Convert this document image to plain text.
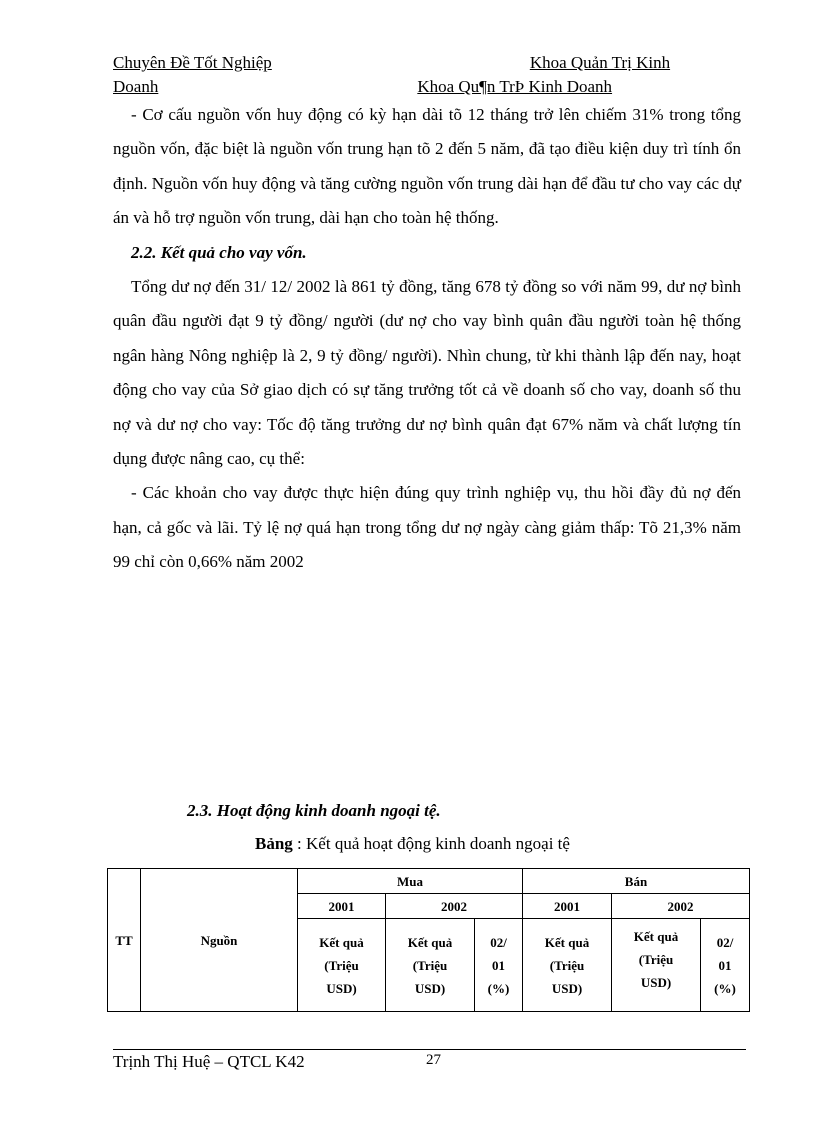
Chuyên Đề Tốt Nghiệp	Khoa Quản Trị Kinh
Doanh	Khoa Qu¶n TrÞ Kinh Doanh

- Cơ cấu nguồn vốn huy động có kỳ hạn dài tõ 12 tháng trở lên chiếm 31% trong tổng nguồn vốn, đặc biệt là nguồn vốn trung hạn tõ 2 đến 5 năm, đã tạo điều kiện duy trì tính ổn định. Nguồn vốn huy động và tăng cường nguồn vốn trung dài hạn để đầu tư cho vay các dự án và hỗ trợ nguồn vốn trung, dài hạn cho toàn hệ thống.

2.2. Kết quả cho vay vốn.

Tổng dư nợ đến 31/ 12/ 2002 là 861 tỷ đồng, tăng 678 tỷ đồng so với năm 99, dư nợ bình quân đầu người đạt 9 tỷ đồng/ người (dư nợ cho vay bình quân đầu người toàn hệ thống ngân hàng Nông nghiệp là 2, 9 tỷ đồng/ người). Nhìn chung, từ khi thành lập đến nay, hoạt động cho vay của Sở giao dịch có sự tăng trưởng tốt cả về doanh số cho vay, doanh số thu nợ và dư nợ cho vay: Tốc độ tăng trưởng dư nợ bình quân đạt 67% năm và chất lượng tín dụng được nâng cao, cụ thể:

- Các khoản cho vay được thực hiện đúng quy trình nghiệp vụ, thu hồi đầy đủ nợ đến hạn, cả gốc và lãi. Tỷ lệ nợ quá hạn trong tổng dư nợ ngày càng giảm thấp: Tõ 21,3% năm 99 chỉ còn 0,66% năm 2002

2.3. Hoạt động kinh doanh ngoại tệ.
Bảng : Kết quả hoạt động kinh doanh ngoại tệ
TT	Nguồn	Mua			Bán		
		2001	2002		2001	2002	
		Kết quả
(Triệu
USD)	Kết quả
(Triệu
USD)	02/
01
(%)	Kết quả
(Triệu
USD)	Kết quả
(Triệu
USD)	02/
01
(%)
Trịnh Thị Huệ – QTCL K42	27
